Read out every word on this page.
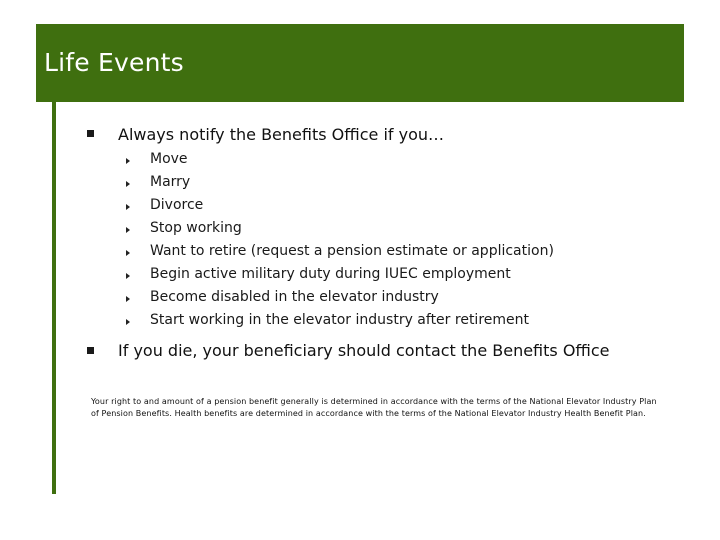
Life Events
Always notify the Benefits Office if you…
Move
Marry
Divorce
Stop working
Want to retire (request a pension estimate or application)
Begin active military duty during IUEC employment
Become disabled in the elevator industry
Start working in the elevator industry after retirement
If you die, your beneficiary should contact the Benefits Office
Your right to and amount of a pension benefit generally is determined in accordance with the terms of the National Elevator Industry Plan of Pension Benefits. Health benefits are determined in accordance with the terms of the National Elevator Industry Health Benefit Plan.
